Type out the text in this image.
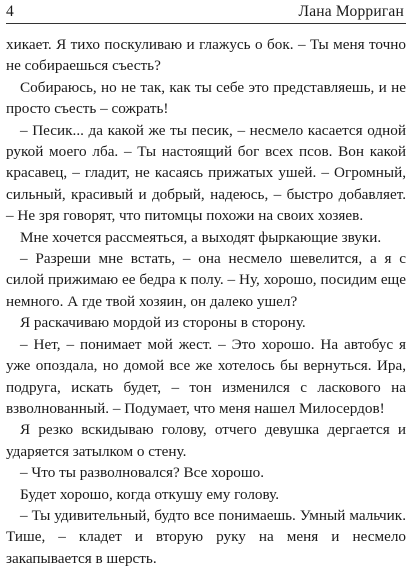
4	Лана Морриган

хикает. Я тихо поскуливаю и глажусь о бок. – Ты меня точно не собираешься съесть?

Собираюсь, но не так, как ты себе это представляешь, и не просто съесть – сожрать!

– Песик... да какой же ты песик, – несмело касается одной рукой моего лба. – Ты настоящий бог всех псов. Вон какой красавец, – гладит, не касаясь прижатых ушей. – Огромный, сильный, красивый и добрый, надеюсь, – быстро добавляет. – Не зря говорят, что питомцы похожи на своих хозяев.

Мне хочется рассмеяться, а выходят фыркающие звуки.

– Разреши мне встать, – она несмело шевелится, а я с силой прижимаю ее бедра к полу. – Ну, хорошо, посидим еще немного. А где твой хозяин, он далеко ушел?

Я раскачиваю мордой из стороны в сторону.

– Нет, – понимает мой жест. – Это хорошо. На автобус я уже опоздала, но домой все же хотелось бы вернуться. Ира, подруга, искать будет, – тон изменился с ласкового на взволнованный. – Подумает, что меня нашел Милосердов!

Я резко вскидываю голову, отчего девушка дергается и ударяется затылком о стену.

– Что ты разволновался? Все хорошо.

Будет хорошо, когда откушу ему голову.

– Ты удивительный, будто все понимаешь. Умный мальчик. Тише, – кладет и вторую руку на меня и несмело закапывается в шерсть.
